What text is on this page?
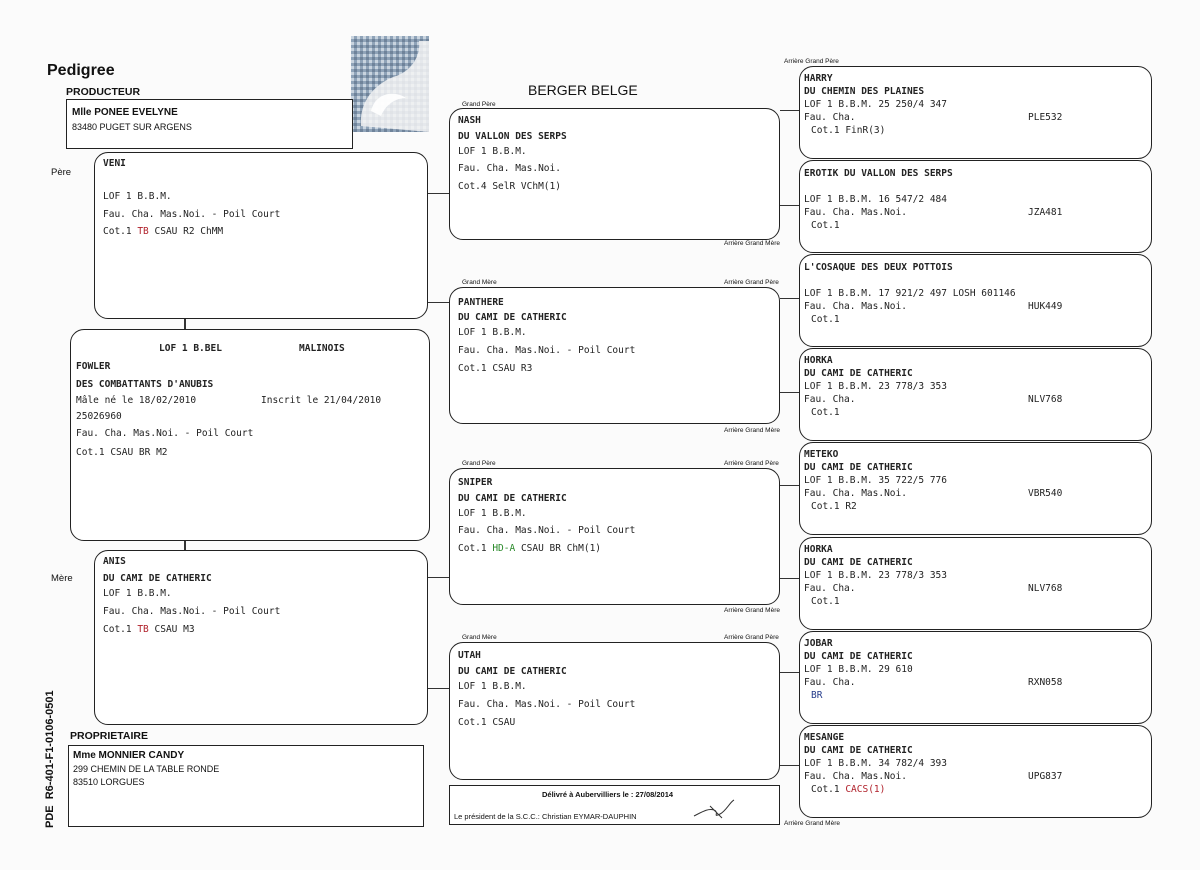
Pedigree
BERGER BELGE
PRODUCTEUR
Mlle PONEE EVELYNE
83480 PUGET SUR ARGENS
Père
Mère
PDE  R6-401-F1-0106-0501
VENI
LOF 1 B.B.M.
Fau. Cha. Mas.Noi. - Poil Court
Cot.1 TB CSAU R2 ChMM
LOF 1 B.BEL	MALINOIS
FOWLER
DES COMBATTANTS D'ANUBIS
Mâle né le 18/02/2010	Inscrit le 21/04/2010
25026960
Fau. Cha. Mas.Noi. - Poil Court
Cot.1 CSAU BR M2
ANIS
DU CAMI DE CATHERIC
LOF 1 B.B.M.
Fau. Cha. Mas.Noi. - Poil Court
Cot.1 TB CSAU M3
PROPRIETAIRE
Mme MONNIER CANDY
299 CHEMIN DE LA TABLE RONDE
83510 LORGUES
Grand Père
Grand Mère
Grand Père
Grand Mère
Arrière Grand Père
Arrière Grand Mère
Arrière Grand Père
Arrière Grand Mère
Arrière Grand Père
Arrière Grand Mère
Arrière Grand Père
Arrière Grand Mère
NASH
DU VALLON DES SERPS
LOF 1 B.B.M.
Fau. Cha. Mas.Noi.
Cot.4 SelR VChM(1)
PANTHERE
DU CAMI DE CATHERIC
LOF 1 B.B.M.
Fau. Cha. Mas.Noi. - Poil Court
Cot.1 CSAU R3
SNIPER
DU CAMI DE CATHERIC
LOF 1 B.B.M.
Fau. Cha. Mas.Noi. - Poil Court
Cot.1 HD-A CSAU BR ChM(1)
UTAH
DU CAMI DE CATHERIC
LOF 1 B.B.M.
Fau. Cha. Mas.Noi. - Poil Court
Cot.1 CSAU
HARRY
DU CHEMIN DES PLAINES
LOF 1 B.B.M. 25 250/4 347
Fau. Cha.	PLE532
Cot.1 FinR(3)
EROTIK DU VALLON DES SERPS
LOF 1 B.B.M. 16 547/2 484
Fau. Cha. Mas.Noi.	JZA481
Cot.1
L'COSAQUE DES DEUX POTTOIS
LOF 1 B.B.M. 17 921/2 497 LOSH 601146
Fau. Cha. Mas.Noi.	HUK449
Cot.1
HORKA
DU CAMI DE CATHERIC
LOF 1 B.B.M. 23 778/3 353
Fau. Cha.	NLV768
Cot.1
METEKO
DU CAMI DE CATHERIC
LOF 1 B.B.M. 35 722/5 776
Fau. Cha. Mas.Noi.	VBR540
Cot.1 R2
HORKA
DU CAMI DE CATHERIC
LOF 1 B.B.M. 23 778/3 353
Fau. Cha.	NLV768
Cot.1
JOBAR
DU CAMI DE CATHERIC
LOF 1 B.B.M. 29 610
Fau. Cha.	RXN058
BR
MESANGE
DU CAMI DE CATHERIC
LOF 1 B.B.M. 34 782/4 393
Fau. Cha. Mas.Noi.	UPG837
Cot.1 CACS(1)
Délivré à Aubervilliers le : 27/08/2014
Le président de la S.C.C.: Christian EYMAR-DAUPHIN
